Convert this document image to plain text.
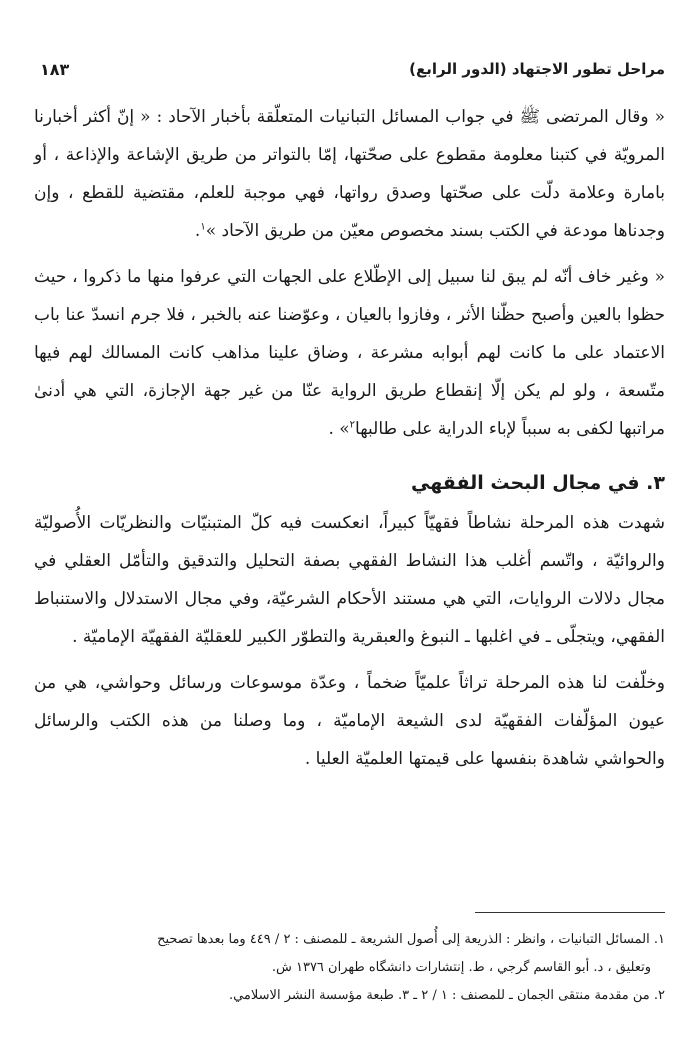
مراحل تطور الاجتهاد (الدور الرابع)
١٨٣

« وقال المرتضى ﷺ في جواب المسائل التبانيات المتعلّقة بأخبار الآحاد : « إنّ أكثر أخبارنا المرويّة في كتبنا معلومة مقطوع على صحّتها، إمّا بالتواتر من طريق الإشاعة والإذاعة ، أو بامارة وعلامة دلّت على صحّتها وصدق رواتها، فهي موجبة للعلم، مقتضية للقطع ، وإن وجدناها مودعة في الكتب بسند مخصوص معيّن من طريق الآحاد »$^١$.

« وغير خاف أنّه لم يبق لنا سبيل إلى الإطّلاع على الجهات التي عرفوا منها ما ذكروا ، حيث حظوا بالعين وأصبح حظّنا الأثر ، وفازوا بالعيان ، وعوّضنا عنه بالخبر ، فلا جرم انسدّ عنا باب الاعتماد على ما كانت لهم أبوابه مشرعة ، وضاق علينا مذاهب كانت المسالك لهم فيها متّسعة ، ولو لم يكن إلّا إنقطاع طريق الرواية عنّا من غير جهة الإجازة، التي هي أدنىٰ مراتبها لكفى به سبباً لإباء الدراية على طالبها$^٢$» .

٣. في مجال البحث الفقهي

شهدت هذه المرحلة نشاطاً فقهيّاً كبيراً، انعكست فيه كلّ المتبنيّات والنظريّات الأُصوليّة والروائيّة ، واتّسم أغلب هذا النشاط الفقهي بصفة التحليل والتدقيق والتأمّل العقلي في مجال دلالات الروايات، التي هي مستند الأحكام الشرعيّة، وفي مجال الاستدلال والاستنباط الفقهي، ويتجلّى ـ في اغلبها ـ النبوغ والعبقرية والتطوّر الكبير للعقليّة الفقهيّة الإماميّة .

وخلّفت لنا هذه المرحلة تراثاً علميّاً ضخماً ، وعدّة موسوعات ورسائل وحواشي، هي من عيون المؤلّفات الفقهيّة لدى الشيعة الإماميّة ، وما وصلنا من هذه الكتب والرسائل والحواشي شاهدة بنفسها على قيمتها العلميّة العليا .

١. المسائل التبانيات ، وانظر : الذريعة إلى أُصول الشريعة ـ للمصنف : ٢ / ٤٤٩ وما بعدها تصحيح

وتعليق ، د. أبو القاسم گرجي ، ط. إنتشارات دانشگاه طهران ١٣٧٦ ش.

٢. من مقدمة منتقى الجمان ـ للمصنف : ١ / ٢ ـ ٣. طبعة مؤسسة النشر الاسلامي.
